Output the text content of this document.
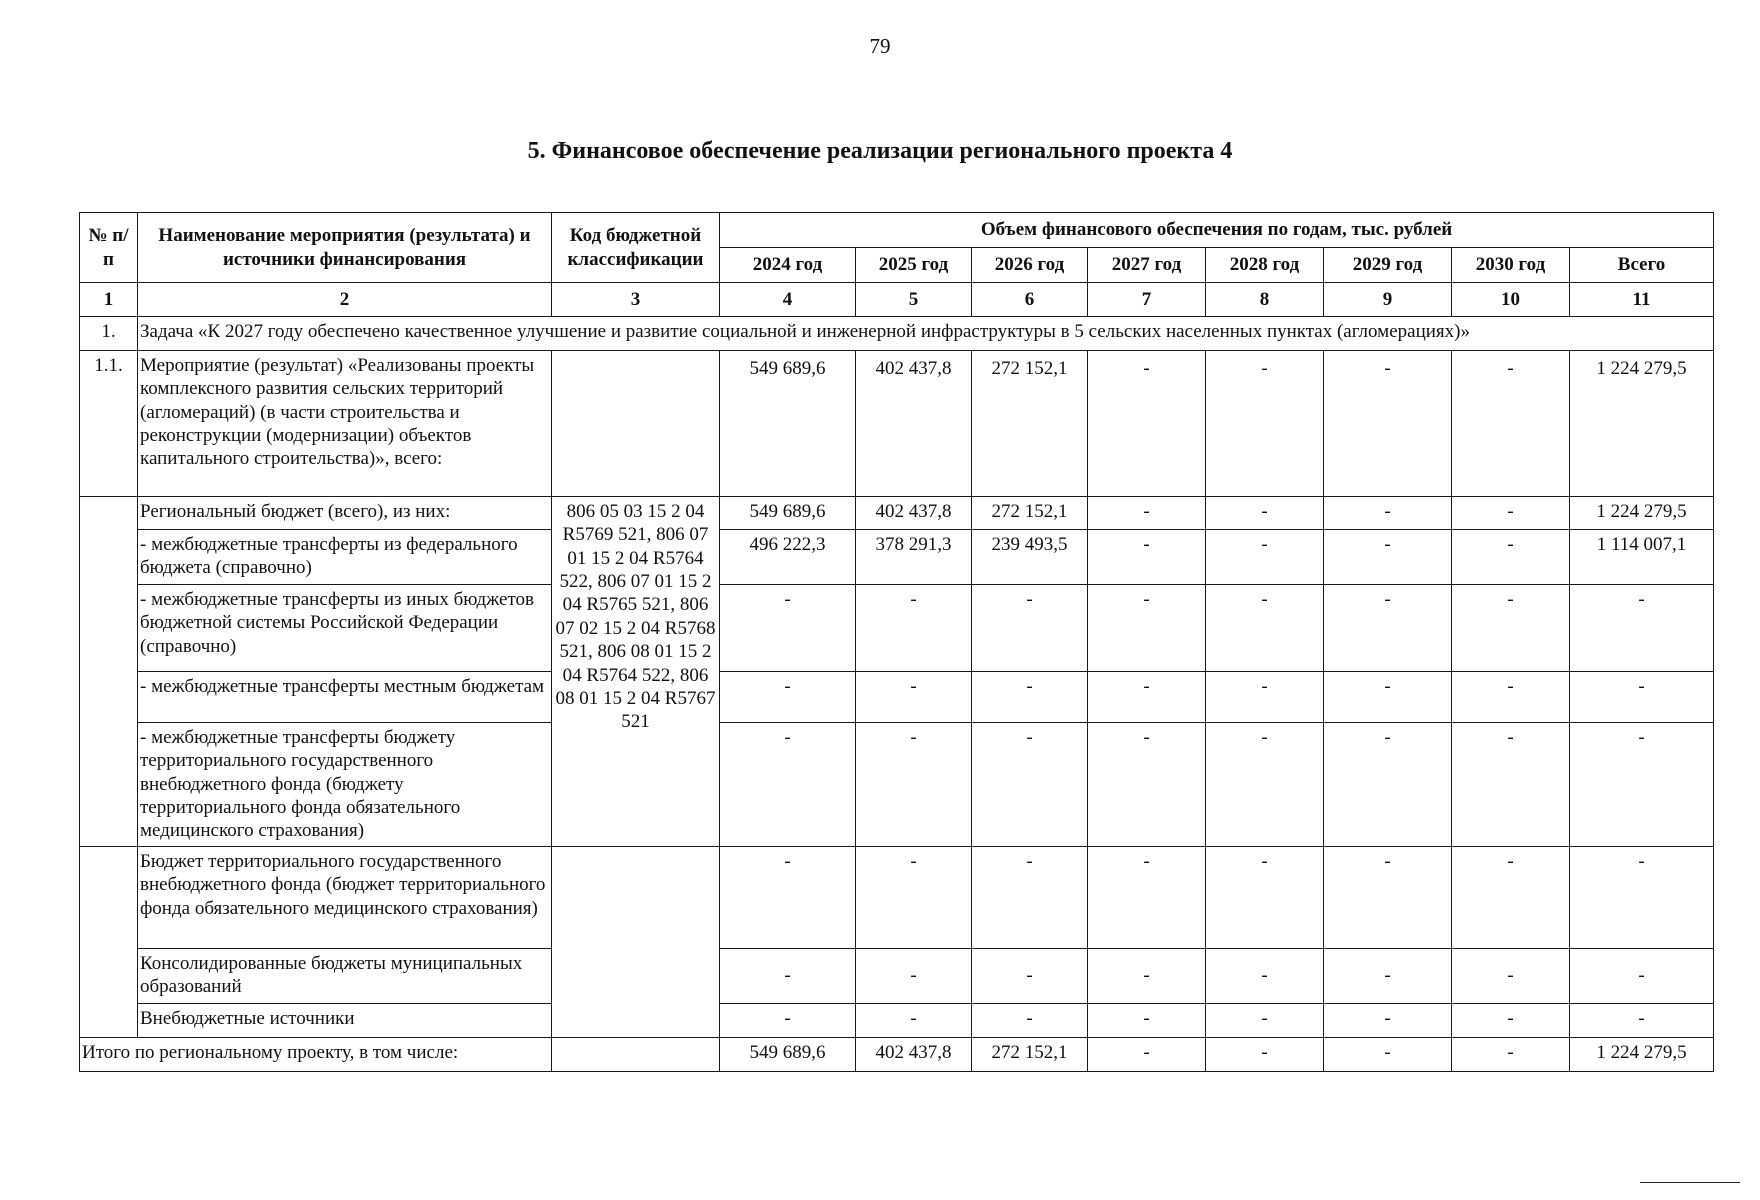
79
5. Финансовое обеспечение реализации регионального проекта 4
№ п/п	Наименование мероприятия (результата) и источники финансирования	Код бюджетной классификации	Объем финансового обеспечения по годам, тыс. рублей							
			2024 год	2025 год	2026 год	2027 год	2028 год	2029 год	2030 год	Всего
1	2	3	4	5	6	7	8	9	10	11
1.	Задача «К 2027 году обеспечено качественное улучшение и развитие социальной и инженерной инфраструктуры в 5 сельских населенных пунктах (агломерациях)»									
1.1.	Мероприятие (результат) «Реализованы проекты комплексного развития сельских территорий (агломераций) (в части строительства и реконструкции (модернизации) объектов капитального строительства)», всего:		549 689,6	402 437,8	272 152,1	-	-	-	-	1 224 279,5
	Региональный бюджет (всего), из них:	806 05 03 15 2 04 R5769 521, 806 07 01 15 2 04 R5764 522, 806 07 01 15 2 04 R5765 521, 806 07 02 15 2 04 R5768 521, 806 08 01 15 2 04 R5764 522, 806 08 01 15 2 04 R5767 521	549 689,6	402 437,8	272 152,1	-	-	-	-	1 224 279,5
	- межбюджетные трансферты из федерального бюджета (справочно)		496 222,3	378 291,3	239 493,5	-	-	-	-	1 114 007,1
	- межбюджетные трансферты из иных бюджетов бюджетной системы Российской Федерации (справочно)		-	-	-	-	-	-	-	-
	- межбюджетные трансферты местным бюджетам		-	-	-	-	-	-	-	-
	- межбюджетные трансферты бюджету территориального государственного внебюджетного фонда (бюджету территориального фонда обязательного медицинского страхования)		-	-	-	-	-	-	-	-
	Бюджет территориального государственного внебюджетного фонда (бюджет территориального фонда обязательного медицинского страхования)		-	-	-	-	-	-	-	-
	Консолидированные бюджеты муниципальных образований		-	-	-	-	-	-	-	-
	Внебюджетные источники		-	-	-	-	-	-	-	-
Итого по региональному проекту, в том числе:			549 689,6	402 437,8	272 152,1	-	-	-	-	1 224 279,5
